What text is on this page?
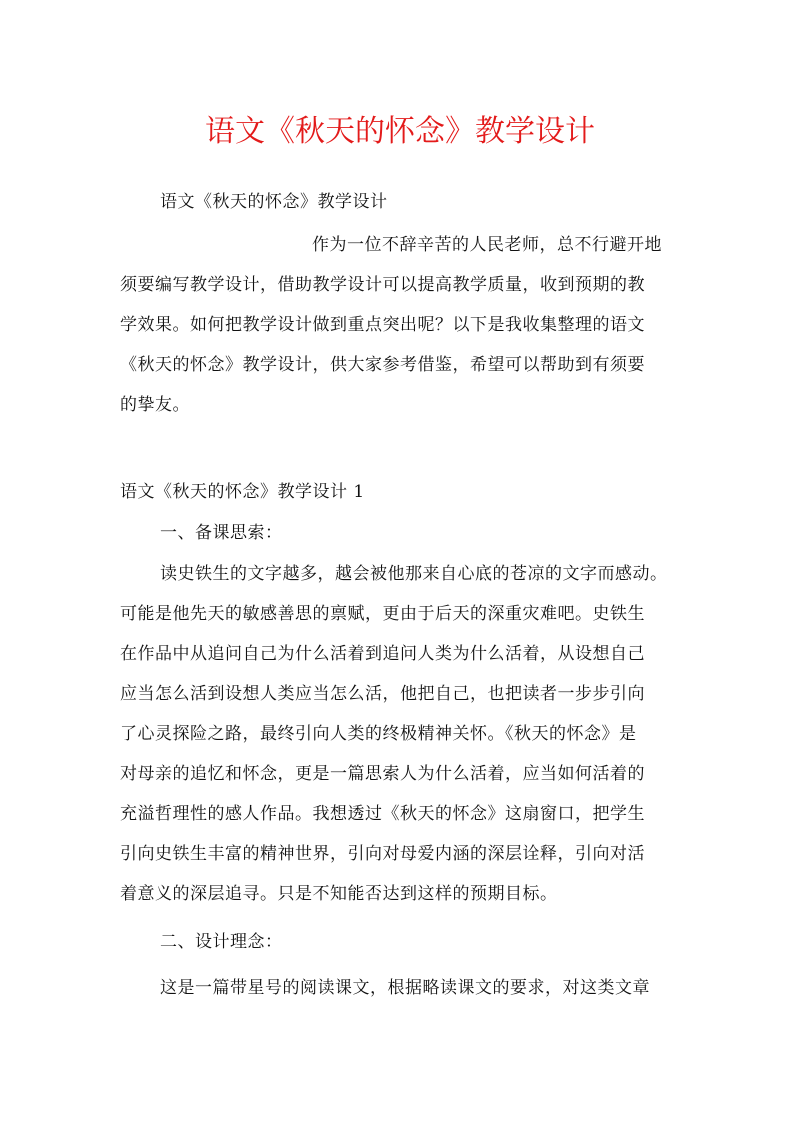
语文《秋天的怀念》教学设计
语文《秋天的怀念》教学设计
作为一位不辞辛苦的人民老师，总不行避开地
须要编写教学设计，借助教学设计可以提高教学质量，收到预期的教
学效果。如何把教学设计做到重点突出呢？以下是我收集整理的语文
《秋天的怀念》教学设计，供大家参考借鉴，希望可以帮助到有须要
的挚友。
语文《秋天的怀念》教学设计 1
一、备课思索：
读史铁生的文字越多，越会被他那来自心底的苍凉的文字而感动。
可能是他先天的敏感善思的禀赋，更由于后天的深重灾难吧。史铁生
在作品中从追问自己为什么活着到追问人类为什么活着，从设想自己
应当怎么活到设想人类应当怎么活，他把自己，也把读者一步步引向
了心灵探险之路，最终引向人类的终极精神关怀。《秋天的怀念》是
对母亲的追忆和怀念，更是一篇思索人为什么活着，应当如何活着的
充溢哲理性的感人作品。我想透过《秋天的怀念》这扇窗口，把学生
引向史铁生丰富的精神世界，引向对母爱内涵的深层诠释，引向对活
着意义的深层追寻。只是不知能否达到这样的预期目标。
二、设计理念：
这是一篇带星号的阅读课文，根据略读课文的要求，对这类文章
